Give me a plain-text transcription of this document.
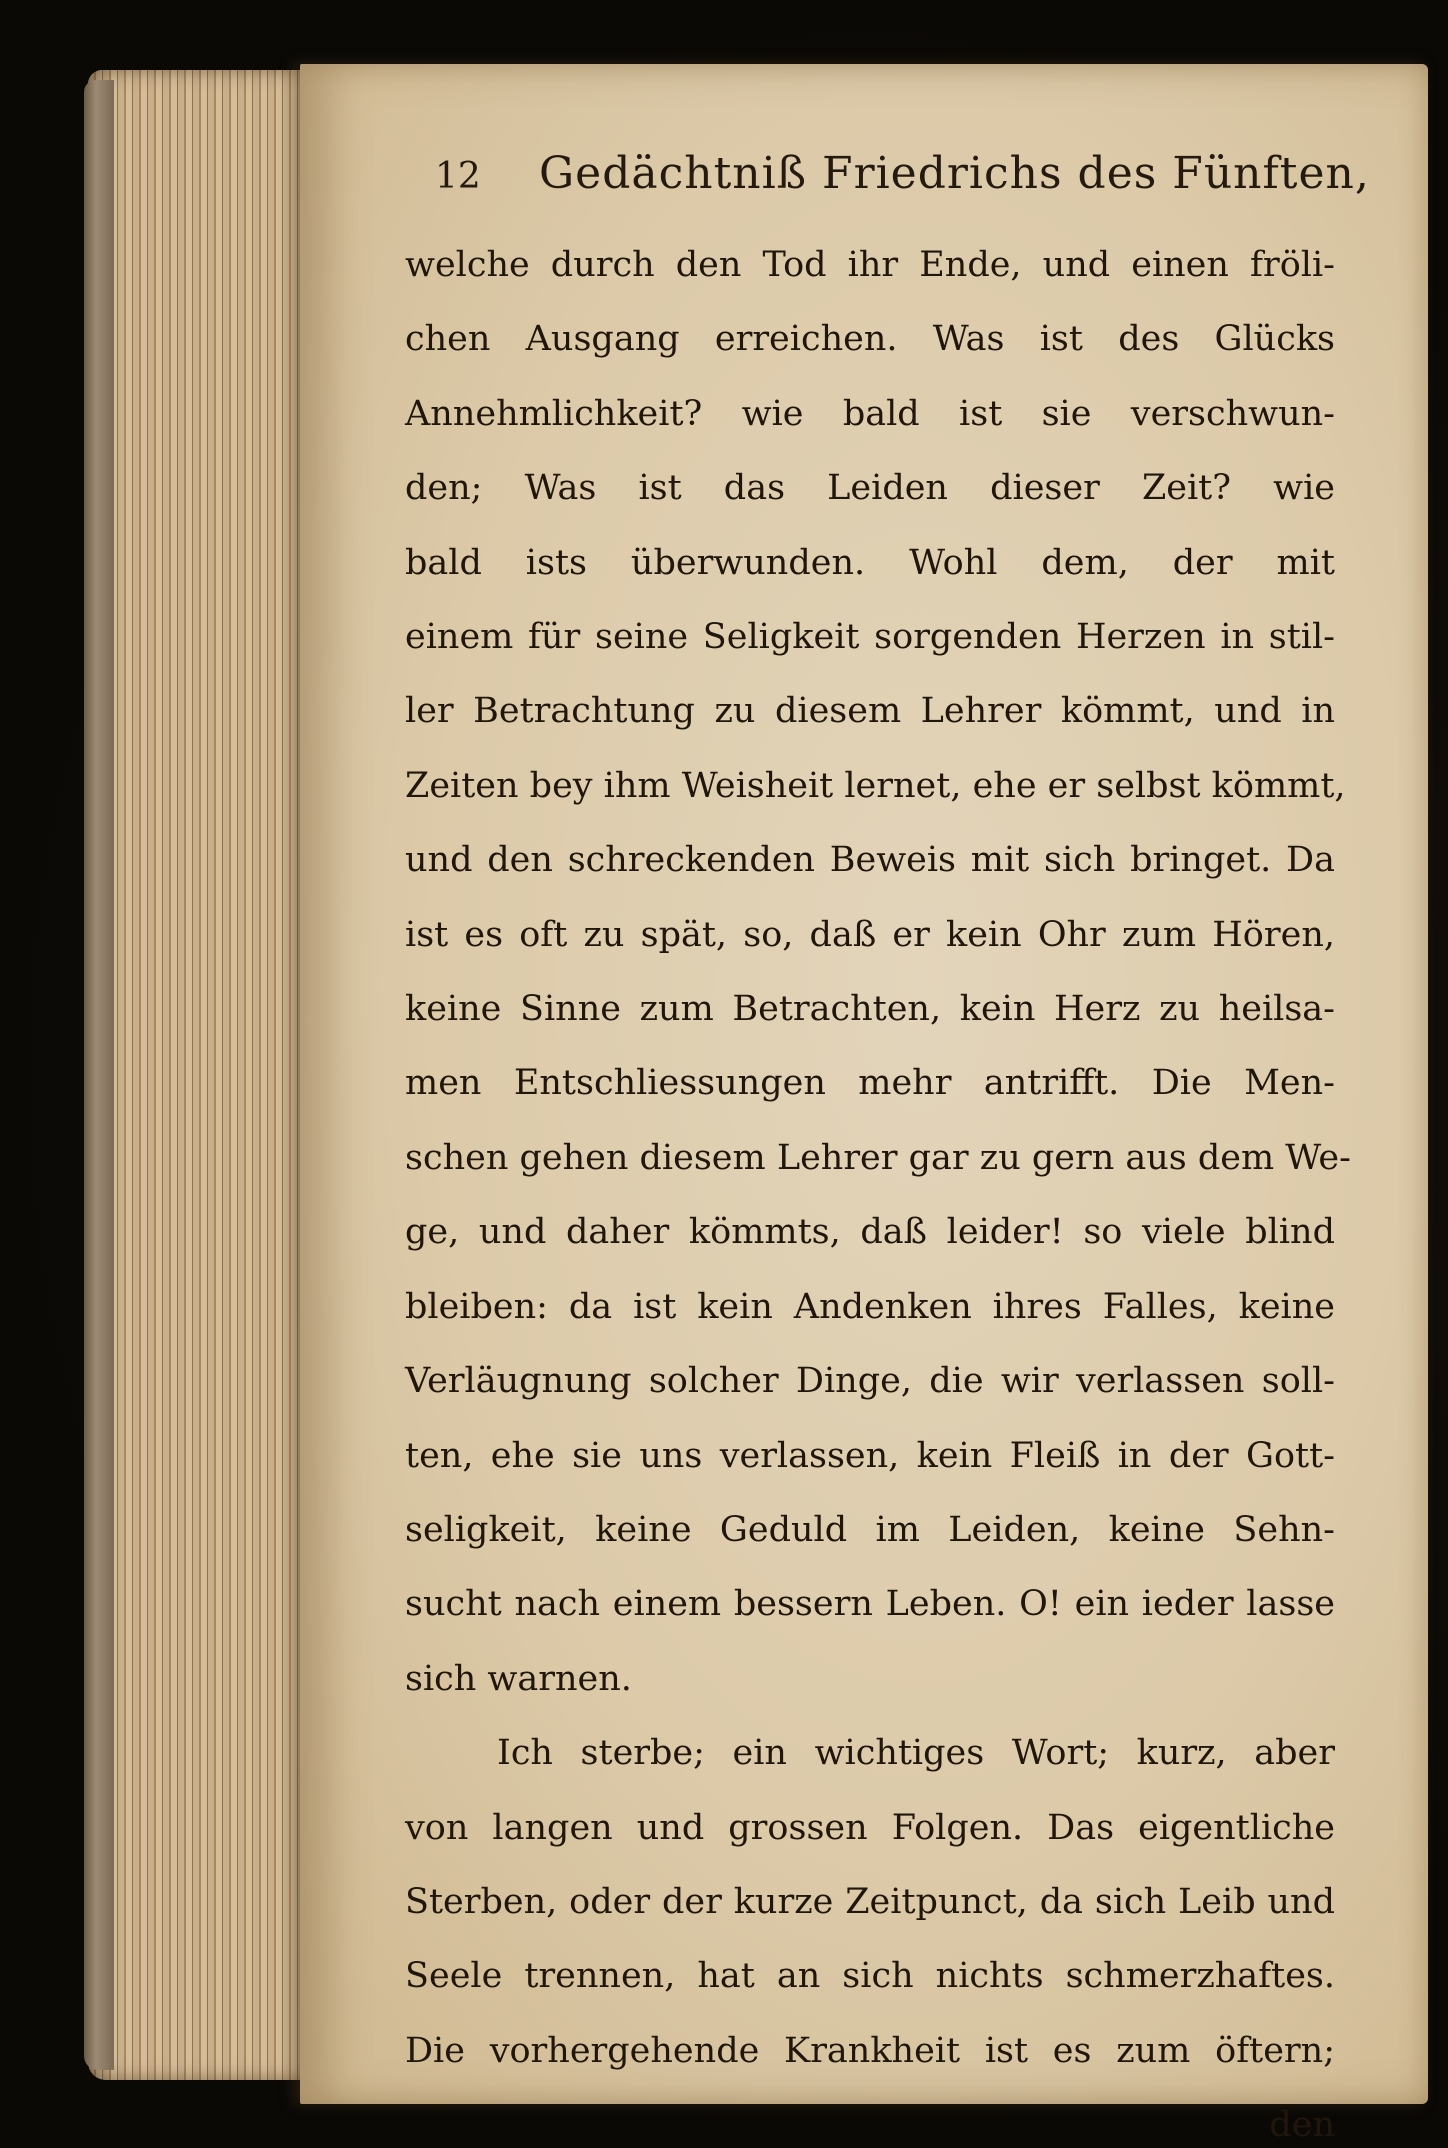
12 Gedächtniß Friedrichs des Fünften,
welche durch den Tod ihr Ende, und einen fröli-
chen Ausgang erreichen. Was ist des Glücks
Annehmlichkeit? wie bald ist sie verschwun-
den; Was ist das Leiden dieser Zeit? wie
bald ists überwunden. Wohl dem, der mit
einem für seine Seligkeit sorgenden Herzen in stil-
ler Betrachtung zu diesem Lehrer kömmt, und in
Zeiten bey ihm Weisheit lernet, ehe er selbst kömmt,
und den schreckenden Beweis mit sich bringet. Da
ist es oft zu spät, so, daß er kein Ohr zum Hören,
keine Sinne zum Betrachten, kein Herz zu heilsa-
men Entschliessungen mehr antrifft. Die Men-
schen gehen diesem Lehrer gar zu gern aus dem We-
ge, und daher kömmts, daß leider! so viele blind
bleiben: da ist kein Andenken ihres Falles, keine
Verläugnung solcher Dinge, die wir verlassen soll-
ten, ehe sie uns verlassen, kein Fleiß in der Gott-
seligkeit, keine Geduld im Leiden, keine Sehn-
sucht nach einem bessern Leben. O! ein ieder lasse
sich warnen.
Ich sterbe; ein wichtiges Wort; kurz, aber
von langen und grossen Folgen. Das eigentliche
Sterben, oder der kurze Zeitpunct, da sich Leib und
Seele trennen, hat an sich nichts schmerzhaftes.
Die vorhergehende Krankheit ist es zum öftern;
den
